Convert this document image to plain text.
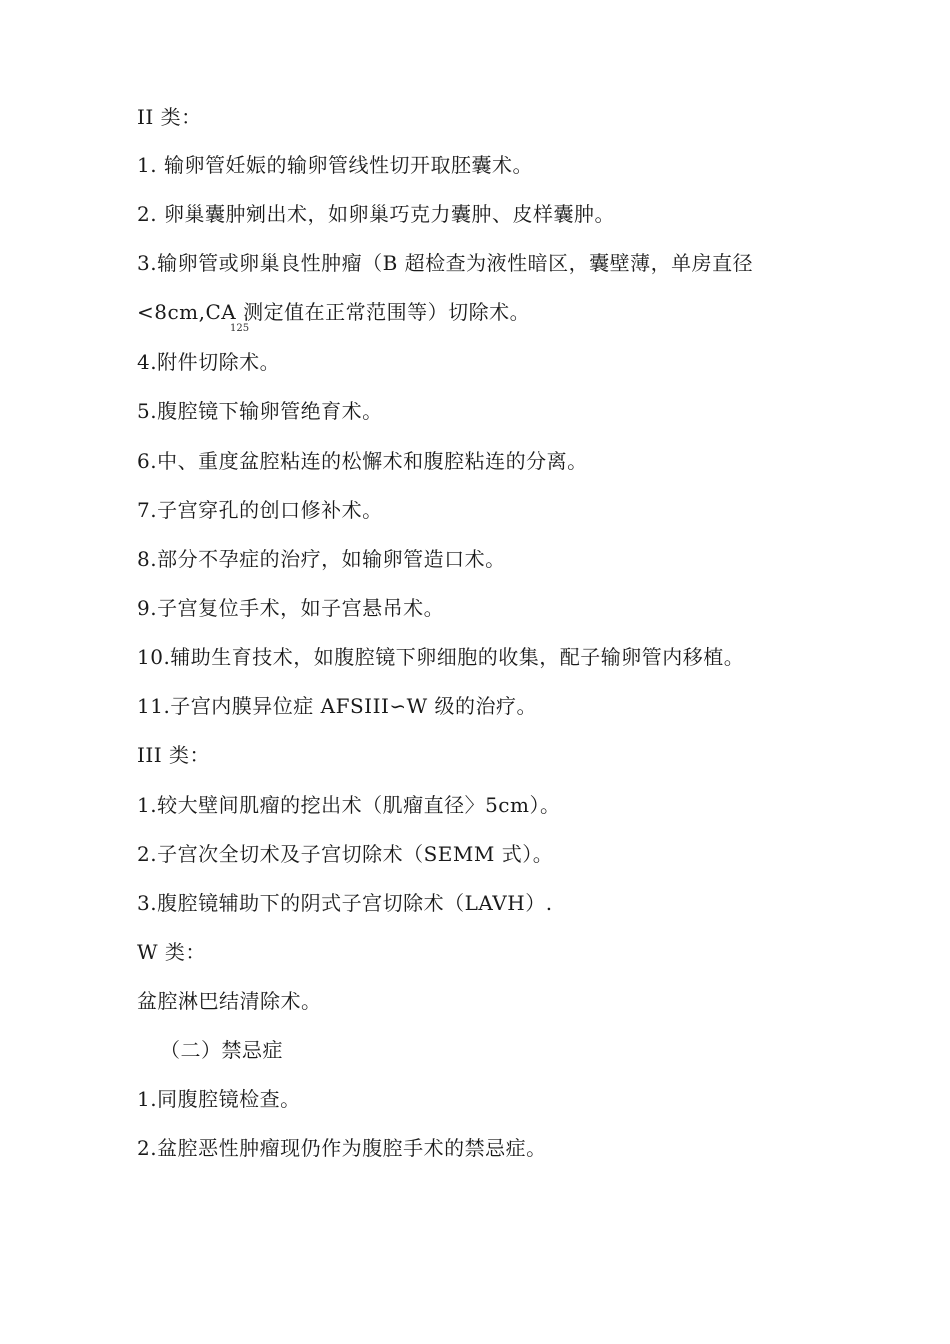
II 类：
1. 输卵管妊娠的输卵管线性切开取胚囊术。
2. 卵巢囊肿剜出术，如卵巢巧克力囊肿、皮样囊肿。
3.输卵管或卵巢良性肿瘤（B 超检查为液性暗区，囊壁薄，单房直径
<8cm,CA 测定值在正常范围等）切除术。
125
4.附件切除术。
5.腹腔镜下输卵管绝育术。
6.中、重度盆腔粘连的松懈术和腹腔粘连的分离。
7.子宫穿孔的创口修补术。
8.部分不孕症的治疗，如输卵管造口术。
9.子宫复位手术，如子宫悬吊术。
10.辅助生育技术，如腹腔镜下卵细胞的收集，配子输卵管内移植。
11.子宫内膜异位症 AFSIII∽W 级的治疗。
III 类：
1.较大壁间肌瘤的挖出术（肌瘤直径〉5cm）。
2.子宫次全切术及子宫切除术（SEMM 式）。
3.腹腔镜辅助下的阴式子宫切除术（LAVH）.
W 类：
盆腔淋巴结清除术。
（二）禁忌症
1.同腹腔镜检查。
2.盆腔恶性肿瘤现仍作为腹腔手术的禁忌症。
